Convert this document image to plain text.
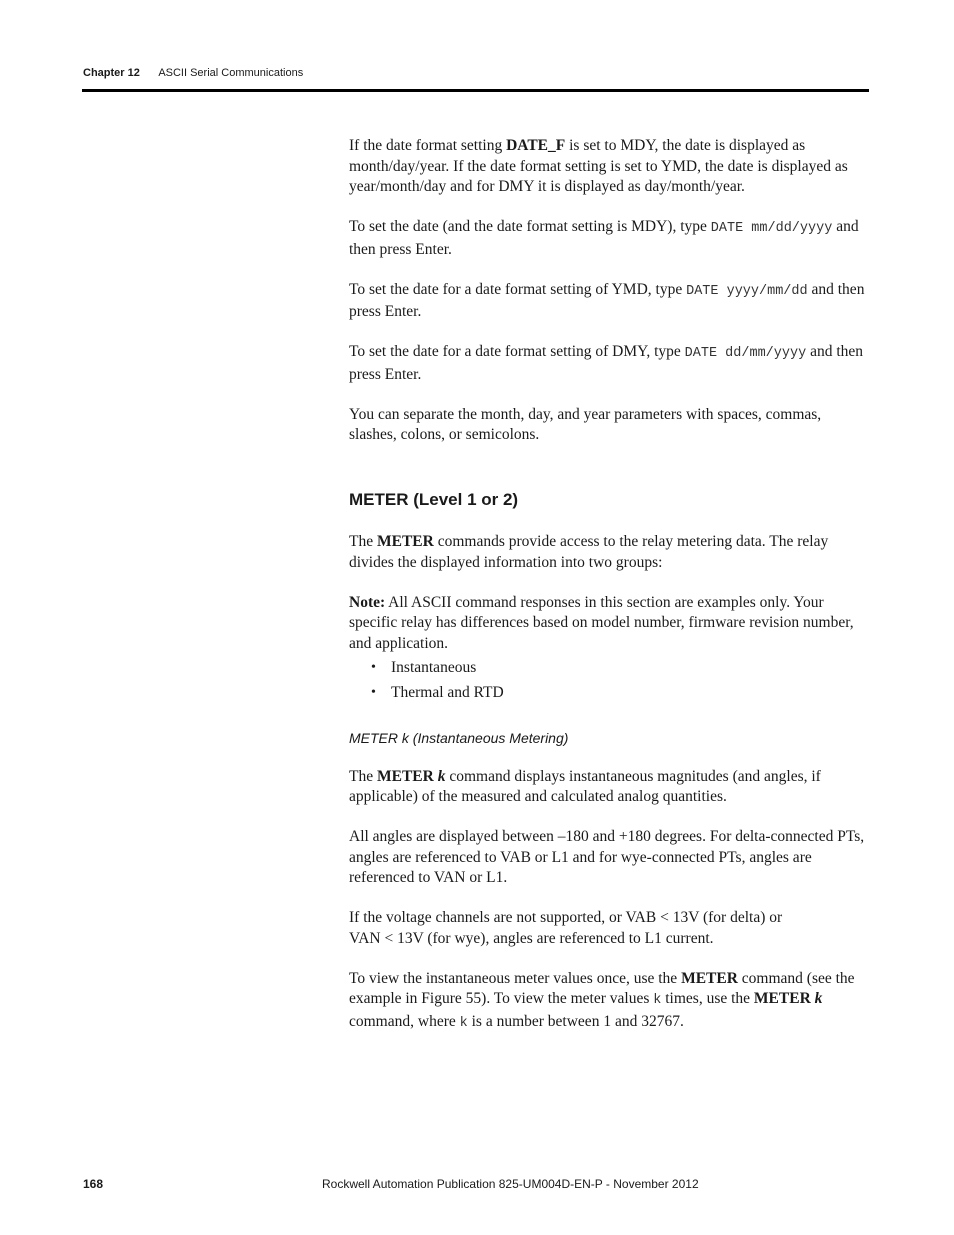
Chapter 12 ASCII Serial Communications

If the date format setting DATE_F is set to MDY, the date is displayed as month/day/year. If the date format setting is set to YMD, the date is displayed as year/month/day and for DMY it is displayed as day/month/year.

To set the date (and the date format setting is MDY), type DATE mm/dd/yyyy and then press Enter.

To set the date for a date format setting of YMD, type DATE yyyy/mm/dd and then press Enter.

To set the date for a date format setting of DMY, type DATE dd/mm/yyyy and then press Enter.

You can separate the month, day, and year parameters with spaces, commas, slashes, colons, or semicolons.

METER (Level 1 or 2)

The METER commands provide access to the relay metering data. The relay divides the displayed information into two groups:

Note: All ASCII command responses in this section are examples only. Your specific relay has differences based on model number, firmware revision number, and application.

• Instantaneous
• Thermal and RTD
METER k (Instantaneous Metering)

The METER k command displays instantaneous magnitudes (and angles, if applicable) of the measured and calculated analog quantities.

All angles are displayed between –180 and +180 degrees. For delta-connected PTs, angles are referenced to VAB or L1 and for wye-connected PTs, angles are referenced to VAN or L1.

If the voltage channels are not supported, or VAB < 13V (for delta) or
VAN < 13V (for wye), angles are referenced to L1 current.

To view the instantaneous meter values once, use the METER command (see the example in Figure 55). To view the meter values k times, use the METER k
command, where k is a number between 1 and 32767.

168	Rockwell Automation Publication 825-UM004D-EN-P - November 2012
